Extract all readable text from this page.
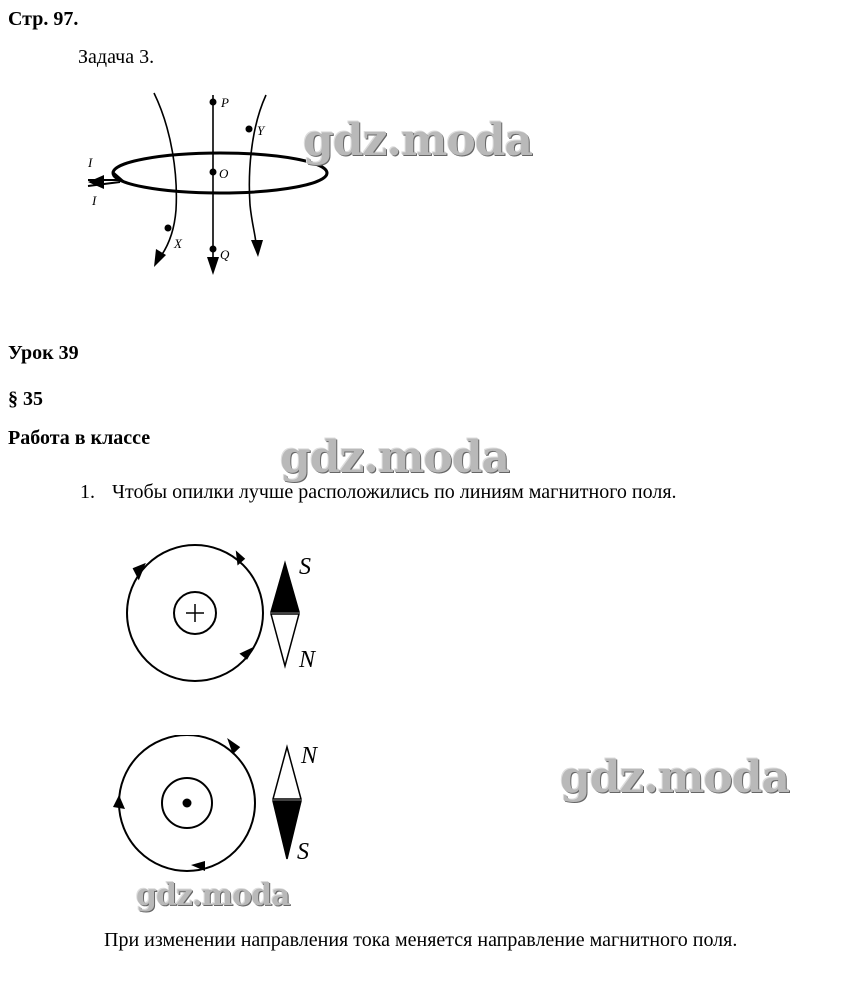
Стр. 97.
Задача 3.
P
Y
O
X
Q
I
I
gdz.moda
Урок 39
§ 35
Работа в классе	gdz.moda
1. Чтобы опилки лучше расположились по линиям магнитного поля.
S
N
N
S
gdz.moda
gdz.moda
При изменении направления тока меняется направление магнитного поля.
